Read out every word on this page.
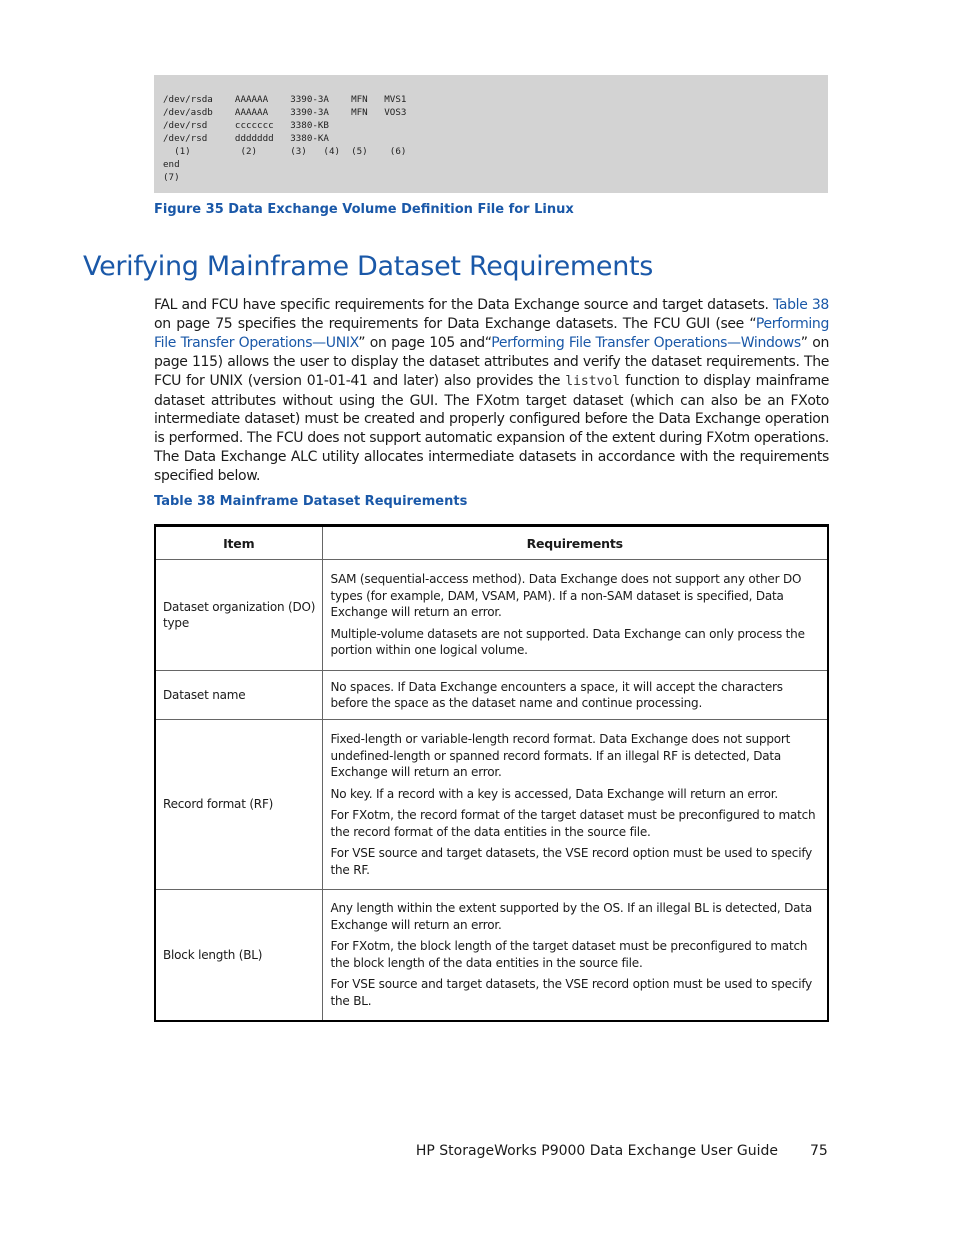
/dev/rsda    AAAAAA    3390-3A    MFN   MVS1
/dev/asdb    AAAAAA    3390-3A    MFN   VOS3
/dev/rsd     ccccccc   3380-KB
/dev/rsd     ddddddd   3380-KA
(1)         (2)      (3)   (4)  (5)    (6)
end
(7)

Figure 35 Data Exchange Volume Definition File for Linux

Verifying Mainframe Dataset Requirements

FAL and FCU have specific requirements for the Data Exchange source and target datasets. Table 38 on page 75 specifies the requirements for Data Exchange datasets. The FCU GUI (see “Performing File Transfer Operations—UNIX” on page 105 and“Performing File Transfer Operations—Windows” on page 115) allows the user to display the dataset attributes and verify the dataset requirements. The FCU for UNIX (version 01-01-41 and later) also provides the listvol function to display mainframe dataset attributes without using the GUI. The FXotm target dataset (which can also be an FXoto intermediate dataset) must be created and properly configured before the Data Exchange operation is performed. The FCU does not support automatic expansion of the extent during FXotm operations. The Data Exchange ALC utility allocates intermediate datasets in accordance with the requirements specified below.

Table 38 Mainframe Dataset Requirements

Item	Requirements
Dataset organization (DO) type	SAM (sequential-access method). Data Exchange does not support any other DO types (for example, DAM, VSAM, PAM). If a non-SAM dataset is specified, Data Exchange will return an error.

Multiple-volume datasets are not supported. Data Exchange can only process the portion within one logical volume.

Dataset name	No spaces. If Data Exchange encounters a space, it will accept the characters before the space as the dataset name and continue processing.

Record format (RF)	Fixed-length or variable-length record format. Data Exchange does not support undefined-length or spanned record formats. If an illegal RF is detected, Data Exchange will return an error.

No key. If a record with a key is accessed, Data Exchange will return an error.

For FXotm, the record format of the target dataset must be preconfigured to match the record format of the data entities in the source file.

For VSE source and target datasets, the VSE record option must be used to specify the RF.

Block length (BL)	Any length within the extent supported by the OS. If an illegal BL is detected, Data Exchange will return an error.

For FXotm, the block length of the target dataset must be preconfigured to match the block length of the data entities in the source file.

For VSE source and target datasets, the VSE record option must be used to specify the BL.

HP StorageWorks P9000 Data Exchange User Guide 75
